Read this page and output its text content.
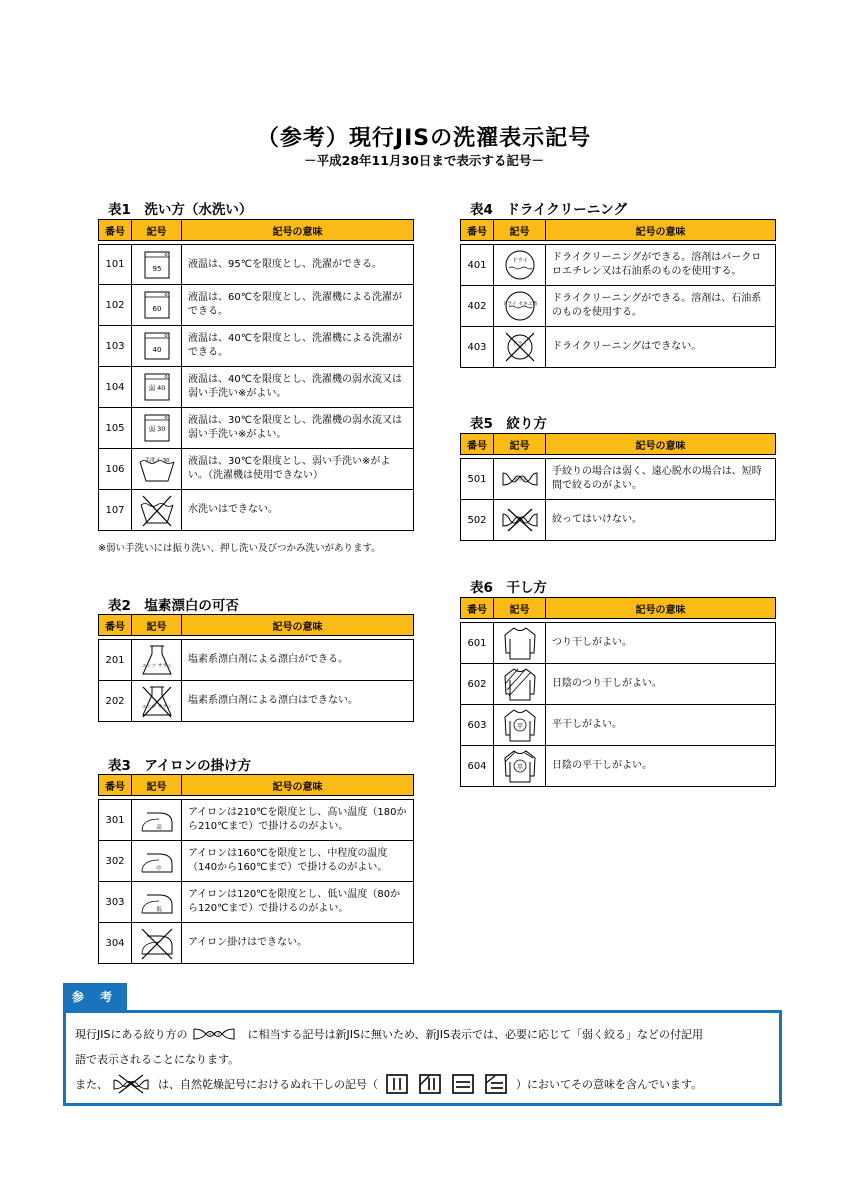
（参考）現行JISの洗濯表示記号
－平成28年11月30日まで表示する記号－
表1　洗い方（水洗い）
番号	記号	記号の意味

101	95	液温は、95℃を限度とし、洗濯ができる。
102	60	液温は、60℃を限度とし、洗濯機による洗濯ができる。
103	40	液温は、40℃を限度とし、洗濯機による洗濯ができる。
104	弱 40	液温は、40℃を限度とし、洗濯機の弱水流又は弱い手洗い※がよい。
105	弱 30	液温は、30℃を限度とし、洗濯機の弱水流又は弱い手洗い※がよい。
106	手洗イ 30	液温は、30℃を限度とし、弱い手洗い※がよい。（洗濯機は使用できない）
107		水洗いはできない。
※弱い手洗いには振り洗い、押し洗い及びつかみ洗いがあります。
表2　塩素漂白の可否
番号	記号	記号の意味

201	エンソ サラシ	塩素系漂白剤による漂白ができる。
202	エンソ サラシ	塩素系漂白剤による漂白はできない。
表3　アイロンの掛け方
番号	記号	記号の意味

301	高	アイロンは210℃を限度とし、高い温度（180から210℃まで）で掛けるのがよい。
302	中	アイロンは160℃を限度とし、中程度の温度（140から160℃まで）で掛けるのがよい。
303	低	アイロンは120℃を限度とし、低い温度（80から120℃まで）で掛けるのがよい。
304		アイロン掛けはできない。
表4　ドライクリーニング
番号	記号	記号の意味

401	ドライ	ドライクリーニングができる。溶剤はパークロロエチレン又は石油系のものを使用する。
402	ドライ セキユ系	ドライクリーニングができる。溶剤は、石油系のものを使用する。
403	ドライ	ドライクリーニングはできない。
表5　絞り方
番号	記号	記号の意味

501	ヨワク	手絞りの場合は弱く、遠心脱水の場合は、短時間で絞るのがよい。
502		絞ってはいけない。
表6　干し方
番号	記号	記号の意味

601		つり干しがよい。
602		日陰のつり干しがよい。
603	平	平干しがよい。
604	平	日陰の平干しがよい。
参 考
現行JISにある絞り方の	ヨワク に相当する記号は新JISに無いため、新JIS表示では、必要に応じて「弱く絞る」などの付記用
語で表示されることになります。
また、	は、自然乾燥記号におけるぬれ干しの記号（	）においてその意味を含んでいます。
